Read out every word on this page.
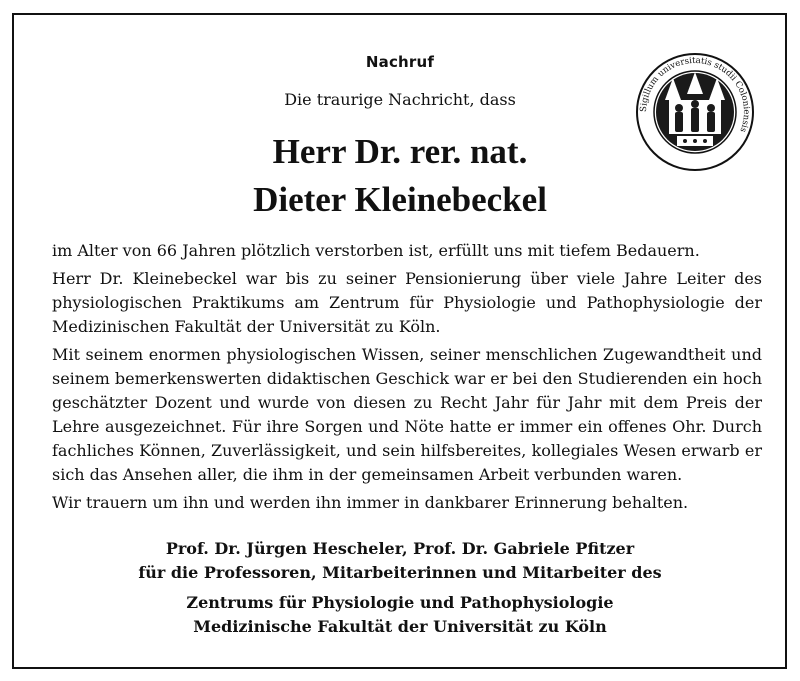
Nachruf
Die traurige Nachricht, dass
Herr Dr. rer. nat.
Dieter Kleinebeckel
Sigillum universitatis studii Coloniensis

im Alter von 66 Jahren plötzlich verstorben ist, erfüllt uns mit tiefem Bedauern.

Herr Dr. Kleinebeckel war bis zu seiner Pensionierung über viele Jahre Leiter des physiologischen Praktikums am Zentrum für Physiologie und Pathophysiologie der Medizinischen Fakultät der Universität zu Köln.

Mit seinem enormen physiologischen Wissen, seiner menschlichen Zugewandtheit und seinem bemerkenswerten didaktischen Geschick war er bei den Studierenden ein hoch geschätzter Dozent und wurde von diesen zu Recht Jahr für Jahr mit dem Preis der Lehre ausgezeichnet. Für ihre Sorgen und Nöte hatte er immer ein offenes Ohr. Durch fachliches Können, Zuverlässigkeit, und sein hilfsbereites, kollegiales Wesen erwarb er sich das Ansehen aller, die ihm in der gemeinsamen Arbeit verbunden waren.

Wir trauern um ihn und werden ihn immer in dankbarer Erinnerung behalten.

Prof. Dr. Jürgen Hescheler, Prof. Dr. Gabriele Pfitzer
für die Professoren, Mitarbeiterinnen und Mitarbeiter des
Zentrums für Physiologie und Pathophysiologie
Medizinische Fakultät der Universität zu Köln
